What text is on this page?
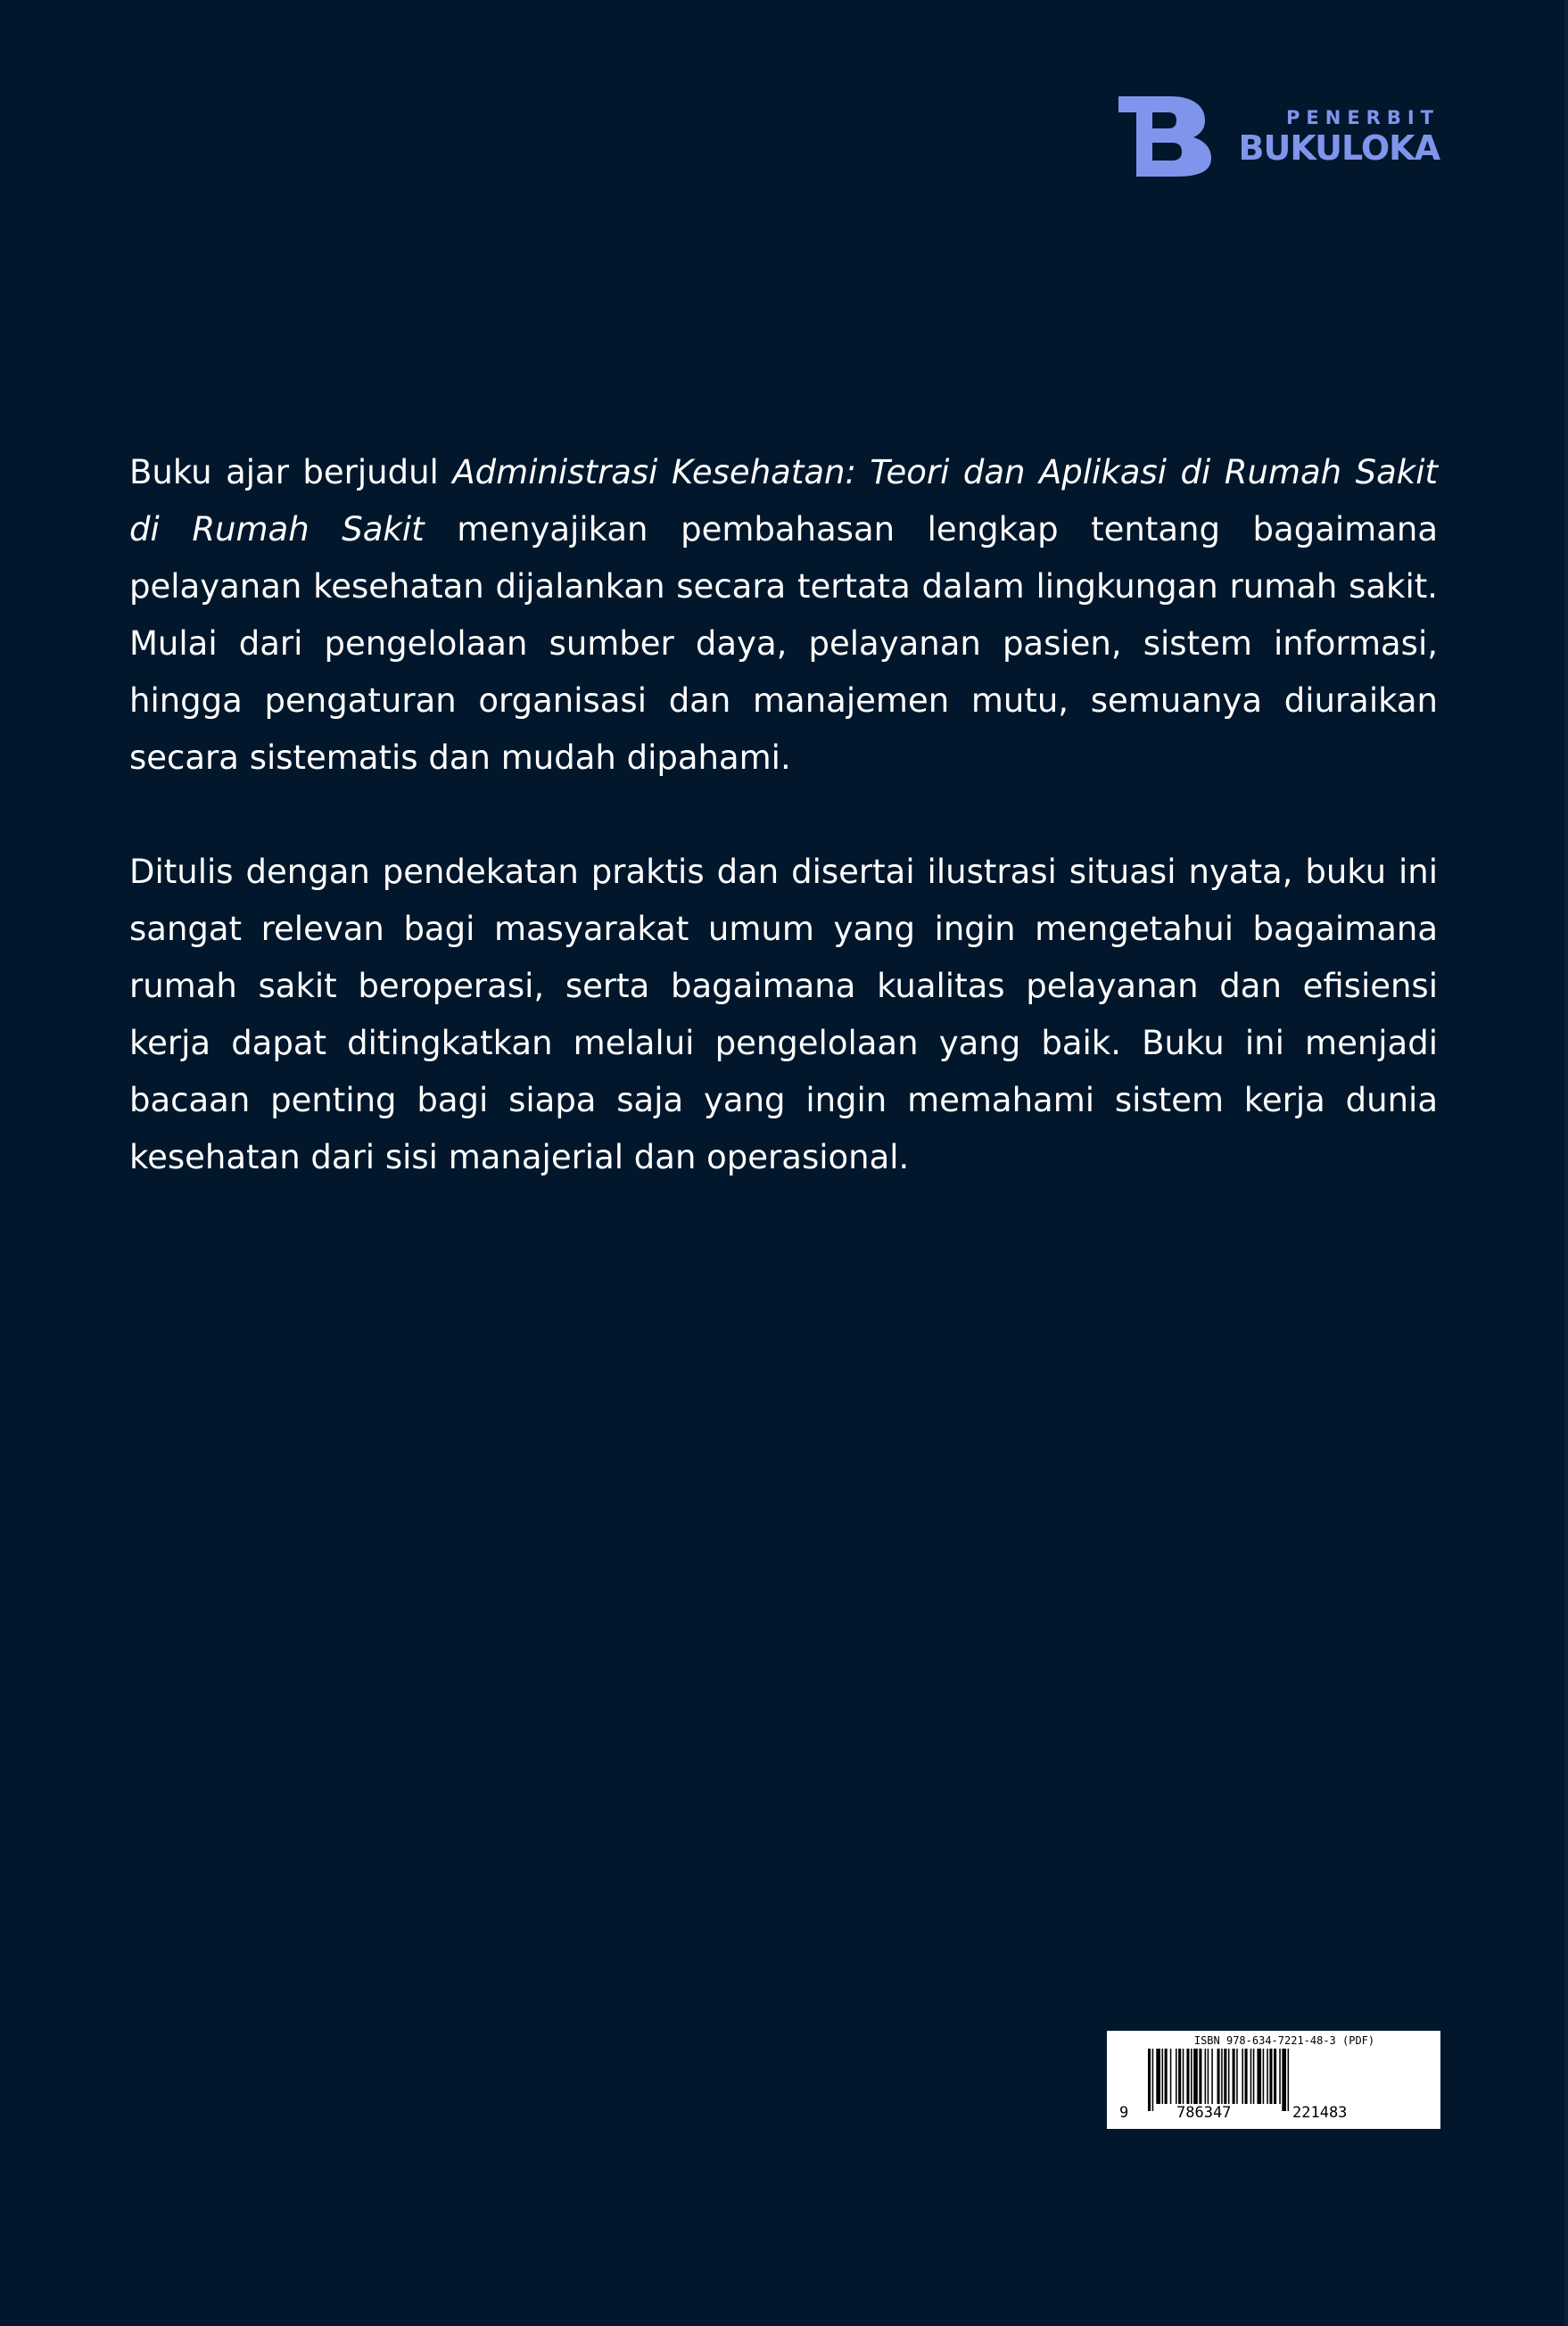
PENERBIT
BUKULOKA

Buku ajar berjudul Administrasi Kesehatan: Teori dan Aplikasi di Rumah Sakit di Rumah Sakit menyajikan pembahasan lengkap tentang bagaimana pelayanan kesehatan dijalankan secara tertata dalam lingkungan rumah sakit. Mulai dari pengelolaan sumber daya, pelayanan pasien, sistem informasi, hingga pengaturan organisasi dan manajemen mutu, semuanya diuraikan secara sistematis dan mudah dipahami.

Ditulis dengan pendekatan praktis dan disertai ilustrasi situasi nyata, buku ini sangat relevan bagi masyarakat umum yang ingin mengetahui bagaimana rumah sakit beroperasi, serta bagaimana kualitas pelayanan dan efisiensi kerja dapat ditingkatkan melalui pengelolaan yang baik. Buku ini menjadi bacaan penting bagi siapa saja yang ingin memahami sistem kerja dunia kesehatan dari sisi manajerial dan operasional.

ISBN 978-634-7221-48-3 (PDF)
9	786347	221483
